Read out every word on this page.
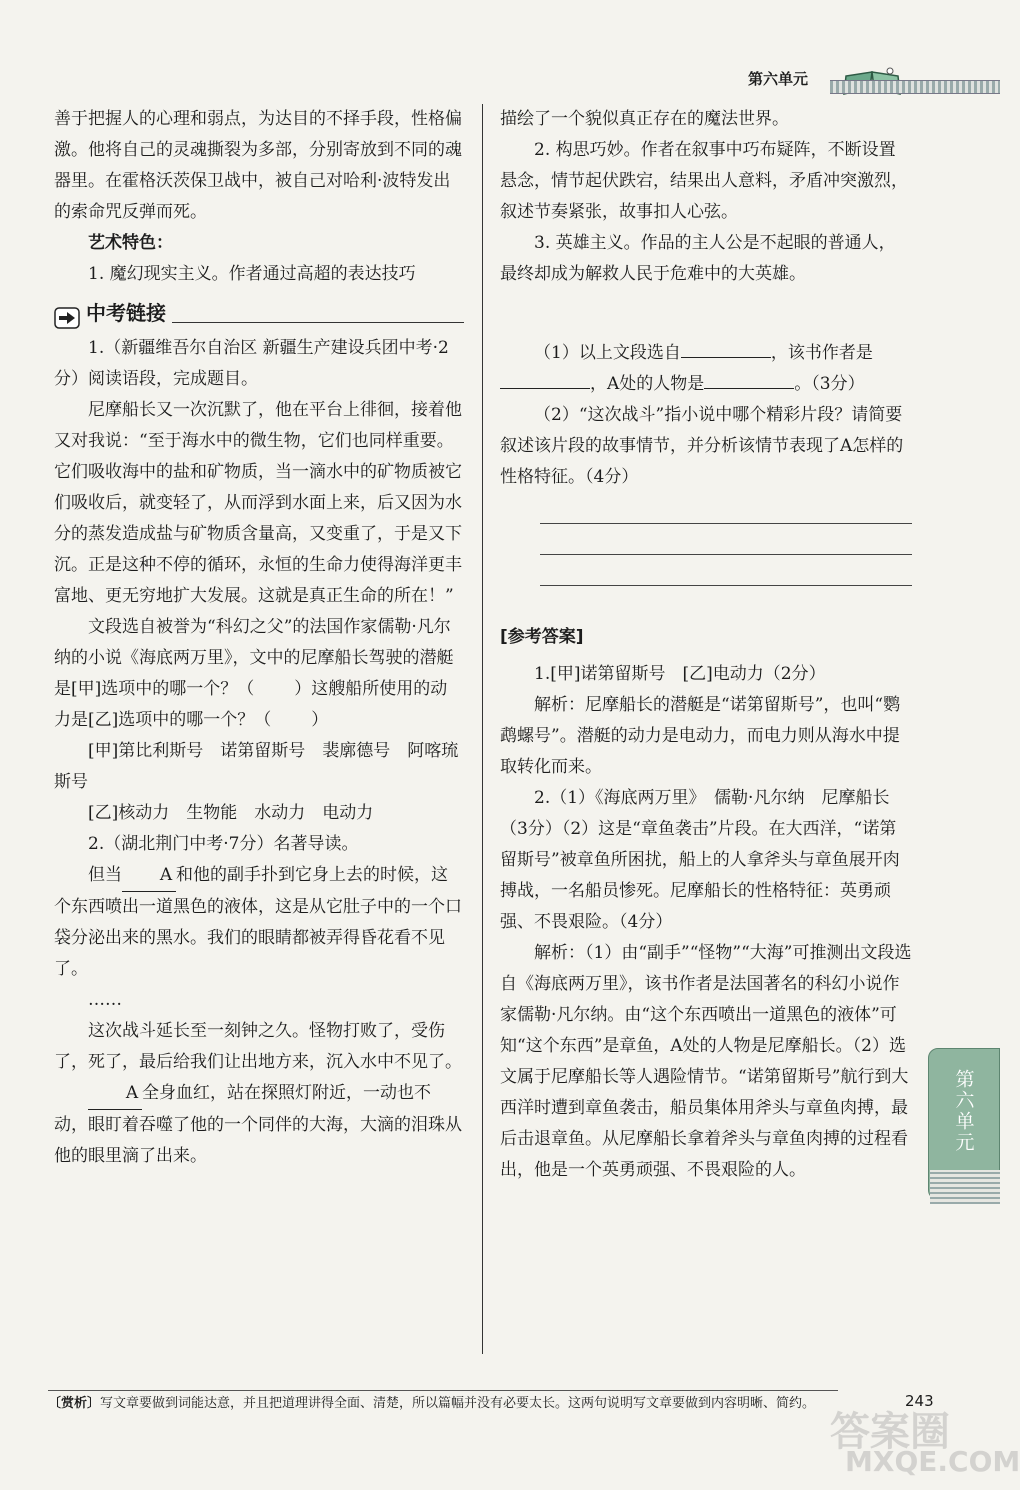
第六单元

善于把握人的心理和弱点，为达目的不择手段，性格偏激。他将自己的灵魂撕裂为多部，分别寄放到不同的魂器里。在霍格沃茨保卫战中，被自己对哈利·波特发出的索命咒反弹而死。

艺术特色：

1. 魔幻现实主义。作者通过高超的表达技巧

中考链接

1.（新疆维吾尔自治区 新疆生产建设兵团中考·2分）阅读语段，完成题目。

尼摩船长又一次沉默了，他在平台上徘徊，接着他又对我说：“至于海水中的微生物，它们也同样重要。它们吸收海中的盐和矿物质，当一滴水中的矿物质被它们吸收后，就变轻了，从而浮到水面上来，后又因为水分的蒸发造成盐与矿物质含量高，又变重了，于是又下沉。正是这种不停的循环，永恒的生命力使得海洋更丰富地、更无穷地扩大发展。这就是真正生命的所在！”

文段选自被誉为“科幻之父”的法国作家儒勒·凡尔纳的小说《海底两万里》，文中的尼摩船长驾驶的潜艇是[甲]选项中的哪一个？（ ）这艘船所使用的动力是[乙]选项中的哪一个？（ ）

[甲]第比利斯号　诺第留斯号　裴廓德号　阿喀琉斯号

[乙]核动力　生物能　水动力　电动力

2.（湖北荆门中考·7分）名著导读。

但当 A 和他的副手扑到它身上去的时候，这个东西喷出一道黑色的液体，这是从它肚子中的一个口袋分泌出来的黑水。我们的眼睛都被弄得昏花看不见了。

……

这次战斗延长至一刻钟之久。怪物打败了，受伤了，死了，最后给我们让出地方来，沉入水中不见了。

A 全身血红，站在探照灯附近，一动也不动，眼盯着吞噬了他的一个同伴的大海，大滴的泪珠从他的眼里滴了出来。

描绘了一个貌似真正存在的魔法世界。

2. 构思巧妙。作者在叙事中巧布疑阵，不断设置悬念，情节起伏跌宕，结果出人意料，矛盾冲突激烈，叙述节奏紧张，故事扣人心弦。

3. 英雄主义。作品的主人公是不起眼的普通人，最终却成为解救人民于危难中的大英雄。

（1）以上文段选自	，该书作者是，A处的人物是	。（3分）

（2）“这次战斗”指小说中哪个精彩片段？请简要叙述该片段的故事情节，并分析该情节表现了A怎样的性格特征。（4分）

[参考答案]

1.[甲]诺第留斯号　[乙]电动力（2分）

解析：尼摩船长的潜艇是“诺第留斯号”，也叫“鹦鹉螺号”。潜艇的动力是电动力，而电力则从海水中提取转化而来。

2.（1）《海底两万里》　儒勒·凡尔纳　尼摩船长（3分）（2）这是“章鱼袭击”片段。在大西洋，“诺第留斯号”被章鱼所困扰，船上的人拿斧头与章鱼展开肉搏战，一名船员惨死。尼摩船长的性格特征：英勇顽强、不畏艰险。（4分）

解析：（1）由“副手”“怪物”“大海”可推测出文段选自《海底两万里》，该书作者是法国著名的科幻小说作家儒勒·凡尔纳。由“这个东西喷出一道黑色的液体”可知“这个东西”是章鱼，A处的人物是尼摩船长。（2）选文属于尼摩船长等人遇险情节。“诺第留斯号”航行到大西洋时遭到章鱼袭击，船员集体用斧头与章鱼肉搏，最后击退章鱼。从尼摩船长拿着斧头与章鱼肉搏的过程看出，他是一个英勇顽强、不畏艰险的人。

第六单元
〔赏析〕写文章要做到词能达意，并且把道理讲得全面、清楚，所以篇幅并没有必要太长。这两句说明写文章要做到内容明晰、简约。	243
答案圈
MXQE.COM
